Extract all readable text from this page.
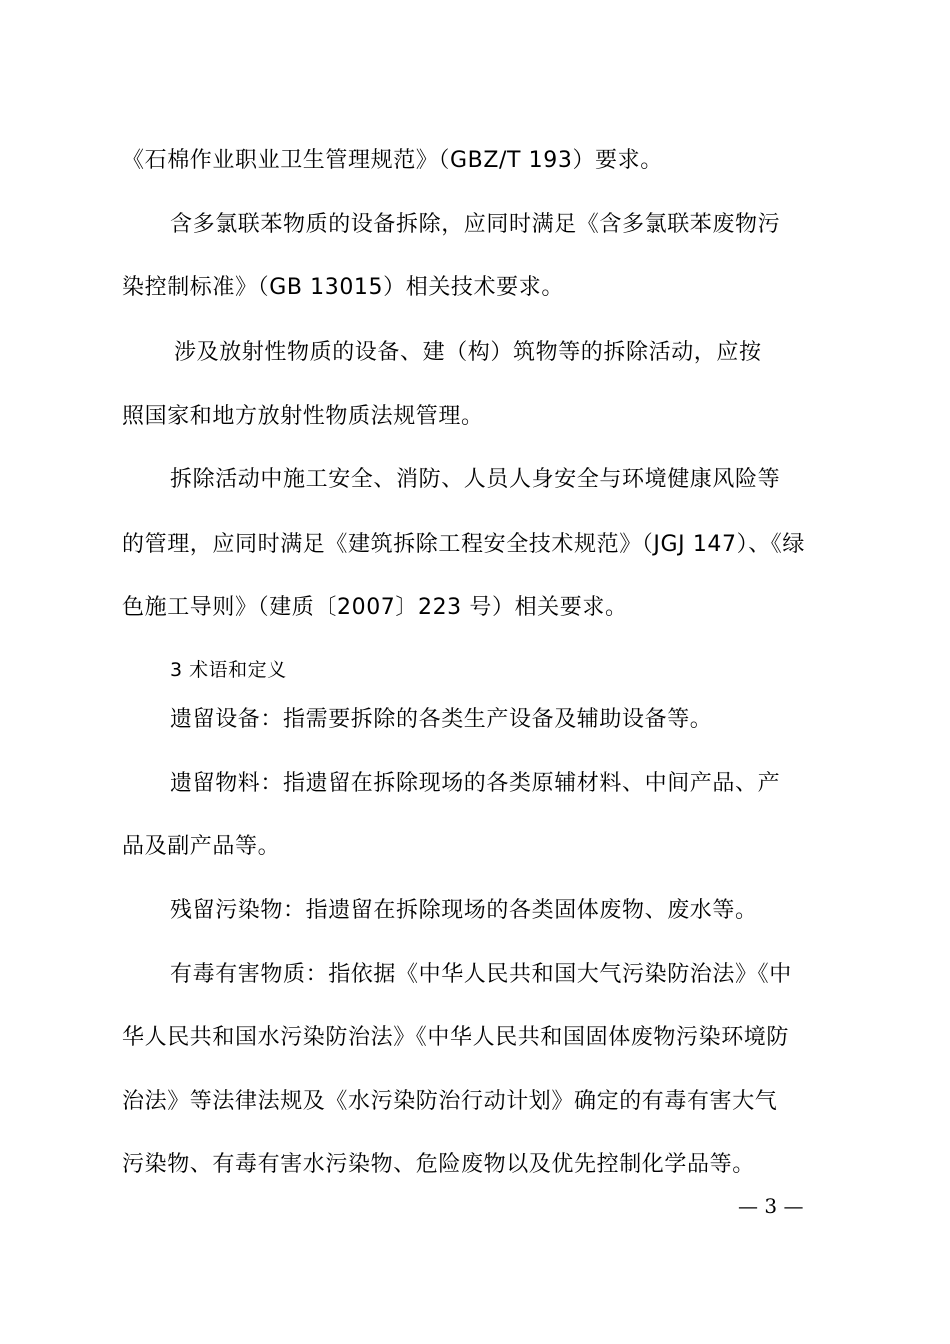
《石棉作业职业卫生管理规范》（GBZ/T 193）要求。
含多氯联苯物质的设备拆除，应同时满足《含多氯联苯废物污
染控制标准》（GB 13015）相关技术要求。
涉及放射性物质的设备、建（构）筑物等的拆除活动，应按
照国家和地方放射性物质法规管理。
拆除活动中施工安全、消防、人员人身安全与环境健康风险等
的管理，应同时满足《建筑拆除工程安全技术规范》（JGJ 147）、《绿
色施工导则》（建质〔2007〕223 号）相关要求。
3 术语和定义
遗留设备：指需要拆除的各类生产设备及辅助设备等。
遗留物料：指遗留在拆除现场的各类原辅材料、中间产品、产
品及副产品等。
残留污染物：指遗留在拆除现场的各类固体废物、废水等。
有毒有害物质：指依据《中华人民共和国大气污染防治法》《中
华人民共和国水污染防治法》《中华人民共和国固体废物污染环境防
治法》等法律法规及《水污染防治行动计划》确定的有毒有害大气
污染物、有毒有害水污染物、危险废物以及优先控制化学品等。
— 3 —
